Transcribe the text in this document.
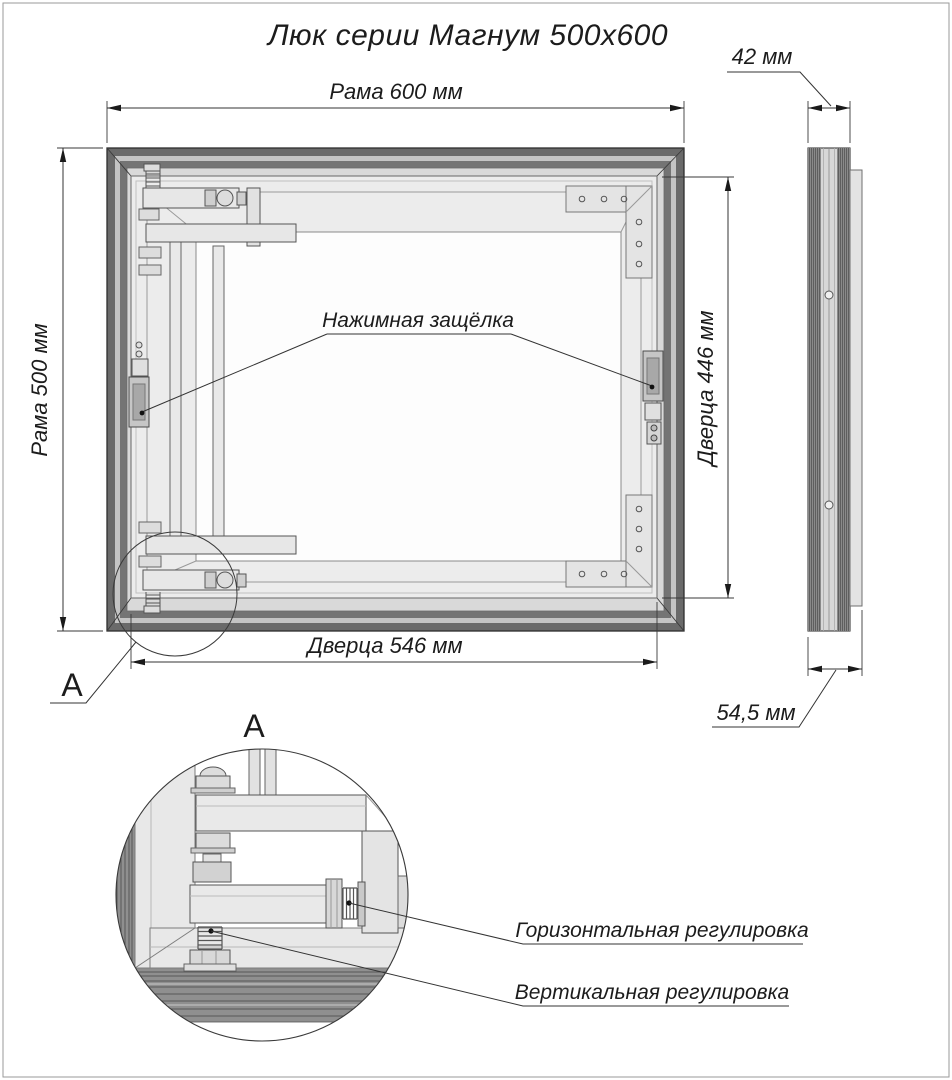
Люк серии Магнум 500x600
А
Нажимная защёлка
Рама 600 мм
Рама 500 мм	Дверца 446 мм
Дверца 546 мм
42 мм
54,5 мм
А
Горизонтальная регулировка
Вертикальная регулировка
